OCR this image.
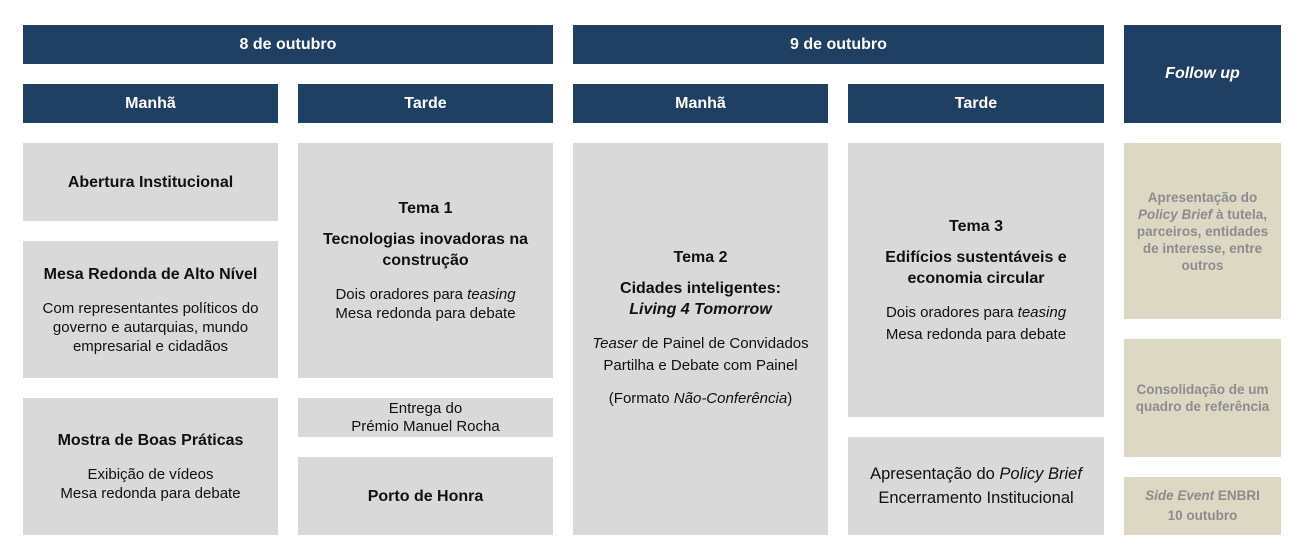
8 de outubro	9 de outubro
Follow up
Manhã	Tarde	Manhã	Tarde
Abertura Institucional
Mesa Redonda de Alto Nível
Com representantes políticos do
governo e autarquias, mundo
empresarial e cidadãos
Mostra de Boas Práticas
Exibição de vídeos
Mesa redonda para debate
Tema 1
Tecnologias inovadoras na
construção
Dois oradores para teasing
Mesa redonda para debate
Entrega do
Prémio Manuel Rocha
Porto de Honra
Tema 2
Cidades inteligentes:
Living 4 Tomorrow
Teaser de Painel de Convidados
Partilha e Debate com Painel
(Formato Não-Conferência)
Tema 3
Edifícios sustentáveis e
economia circular
Dois oradores para teasing
Mesa redonda para debate
Apresentação do Policy Brief
Encerramento Institucional
Apresentação do
Policy Brief à tutela,
parceiros, entidades
de interesse, entre
outros
Consolidação de um
quadro de referência
Side Event ENBRI
10 outubro
